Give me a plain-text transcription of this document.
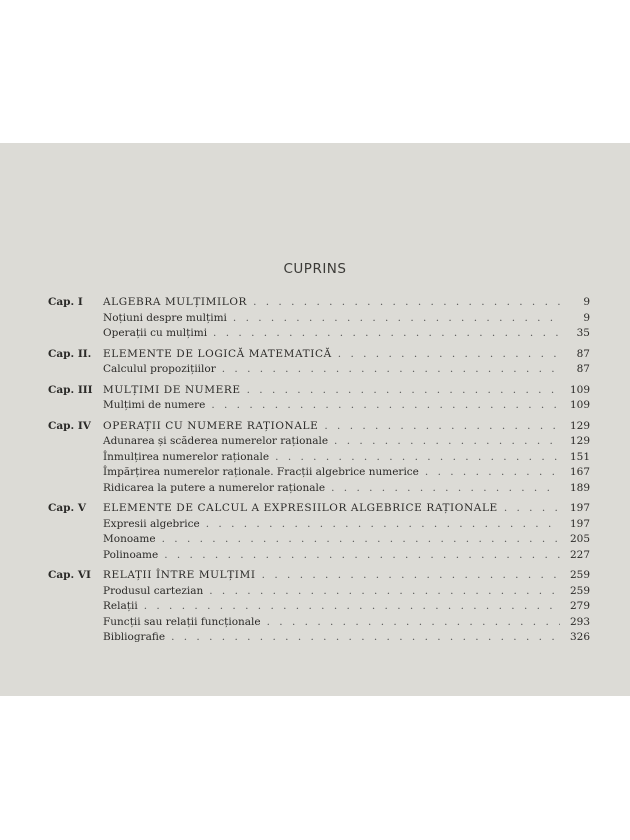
CUPRINS
Cap. I	ALGEBRA MULȚIMILOR . . .	9
Noțiuni despre mulțimi . . .	9
Operații cu mulțimi . . .	35
Cap. II.	ELEMENTE DE LOGICĂ MATEMATICĂ . . .	87
Calculul propozițiilor . . .	87
Cap. III MULȚIMI DE NUMERE . . .	109
Mulțimi de numere . . .	109
Cap. IV	OPERAȚII CU NUMERE RAȚIONALE . . .	129
Adunarea și scăderea numerelor raționale . . .	129
Înmulțirea numerelor raționale . . .	151
Împărțirea numerelor raționale. Fracții algebrice numerice . . .	167
Ridicarea la putere a numerelor raționale . . .	189
Cap. V	ELEMENTE DE CALCUL A EXPRESIILOR ALGEBRICE RAȚIONALE . . .	197
Expresii algebrice . . .	197
Monoame . . .	205
Polinoame . . .	227
Cap. VI	RELAȚII ÎNTRE MULȚIMI . . .	259
Produsul cartezian . . .	259
Relații . . .	279
Funcții sau relații funcționale . . .	293
Bibliografie . . .	326
